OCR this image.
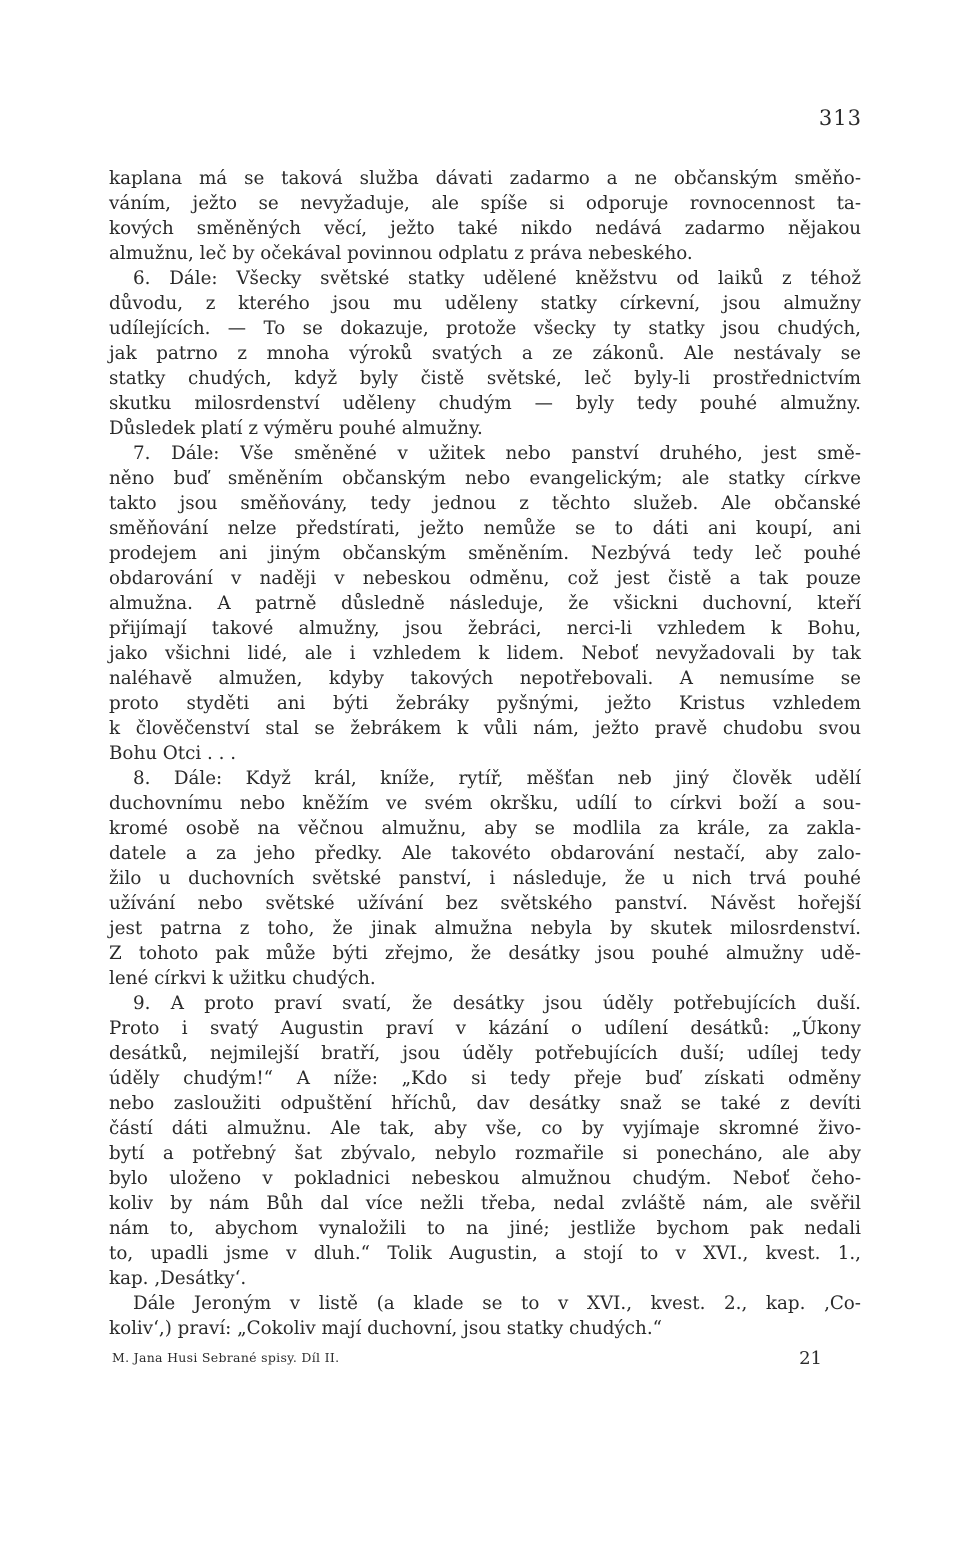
313
kaplana má se taková služba dávati zadarmo a ne občanským směňo-
váním, ježto se nevyžaduje, ale spíše si odporuje rovnocennost ta-
kových směněných věcí, ježto také nikdo nedává zadarmo nějakou
almužnu, leč by očekával povinnou odplatu z práva nebeského.
6. Dále: Všecky světské statky udělené kněžstvu od laiků z téhož
důvodu, z kterého jsou mu uděleny statky církevní, jsou almužny
udílejících. — To se dokazuje, protože všecky ty statky jsou chudých,
jak patrno z mnoha výroků svatých a ze zákonů. Ale nestávaly se
statky chudých, když byly čistě světské, leč byly-li prostřednictvím
skutku milosrdenství uděleny chudým — byly tedy pouhé almužny.
Důsledek platí z výměru pouhé almužny.
7. Dále: Vše směněné v užitek nebo panství druhého, jest smě-
něno buď směněním občanským nebo evangelickým; ale statky církve
takto jsou směňovány, tedy jednou z těchto služeb. Ale občanské
směňování nelze předstírati, ježto nemůže se to dáti ani koupí, ani
prodejem ani jiným občanským směněním. Nezbývá tedy leč pouhé
obdarování v naději v nebeskou odměnu, což jest čistě a tak pouze
almužna. A patrně důsledně následuje, že všickni duchovní, kteří
přijímají takové almužny, jsou žebráci, nerci-li vzhledem k Bohu,
jako všichni lidé, ale i vzhledem k lidem. Neboť nevyžadovali by tak
naléhavě almužen, kdyby takových nepotřebovali. A nemusíme se
proto styděti ani býti žebráky pyšnými, ježto Kristus vzhledem
k člověčenství stal se žebrákem k vůli nám, ježto pravě chudobu svou
Bohu Otci . . .
8. Dále: Když král, kníže, rytíř, měšťan neb jiný člověk udělí
duchovnímu nebo kněžím ve svém okršku, udílí to církvi boží a sou-
kromé osobě na věčnou almužnu, aby se modlila za krále, za zakla-
datele a za jeho předky. Ale takovéto obdarování nestačí, aby zalo-
žilo u duchovních světské panství, i následuje, že u nich trvá pouhé
užívání nebo světské užívání bez světského panství. Návěst hořejší
jest patrna z toho, že jinak almužna nebyla by skutek milosrdenství.
Z tohoto pak může býti zřejmo, že desátky jsou pouhé almužny udě-
lené církvi k užitku chudých.
9. A proto praví svatí, že desátky jsou úděly potřebujících duší.
Proto i svatý Augustin praví v kázání o udílení desátků: „Úkony
desátků, nejmilejší bratří, jsou úděly potřebujících duší; udílej tedy
úděly chudým!“ A níže: „Kdo si tedy přeje buď získati odměny
nebo zasloužiti odpuštění hříchů, dav desátky snaž se také z devíti
částí dáti almužnu. Ale tak, aby vše, co by vyjímaje skromné živo-
bytí a potřebný šat zbývalo, nebylo rozmařile si ponecháno, ale aby
bylo uloženo v pokladnici nebeskou almužnou chudým. Neboť čeho-
koliv by nám Bůh dal více nežli třeba, nedal zvláště nám, ale svěřil
nám to, abychom vynaložili to na jiné; jestliže bychom pak nedali
to, upadli jsme v dluh.“ Tolik Augustin, a stojí to v XVI., kvest. 1.,
kap. ‚Desátky‘.
Dále Jeroným v listě (a klade se to v XVI., kvest. 2., kap. ‚Co-
koliv‘,) praví: „Cokoliv mají duchovní, jsou statky chudých.“
M. Jana Husi Sebrané spisy. Díl II.	21
